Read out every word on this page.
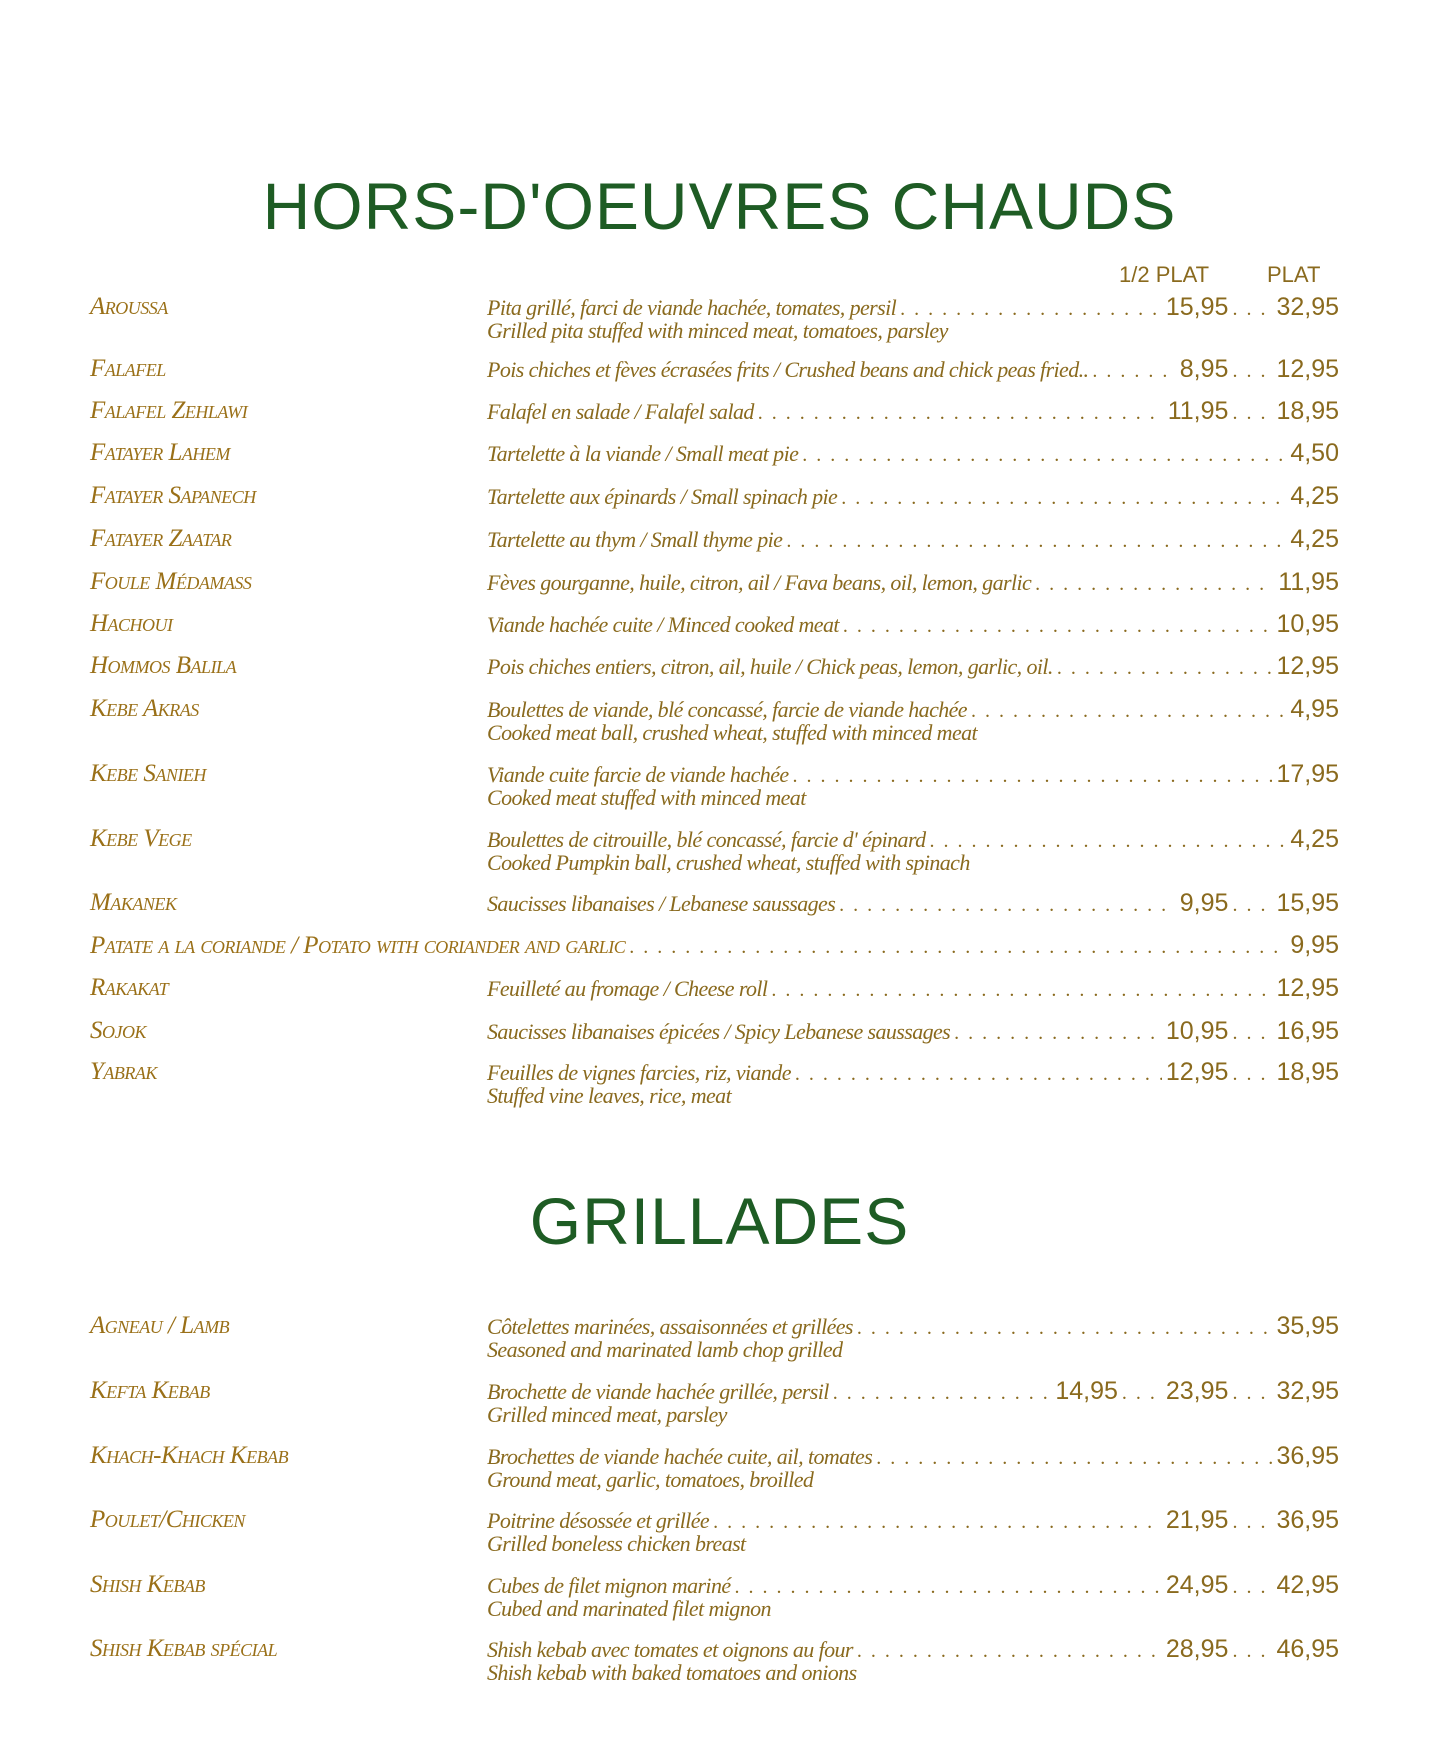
HORS-D'OEUVRES CHAUDS
1/2 PLAT	PLAT
Aroussa	Pita grillé, farci de viande hachée, tomates, persil . . .	15,95 . . . 32,95
Grilled pita stuffed with minced meat, tomatoes, parsley
Falafel	Pois chiches et fèves écrasées frits / Crushed beans and chick peas fried.. . . .	8,95 . . . 12,95
Falafel Zehlawi	Falafel en salade / Falafel salad . . .	11,95 . . . 18,95
Fatayer Lahem	Tartelette à la viande / Small meat pie . . .	4,50
Fatayer Sapanech	Tartelette aux épinards / Small spinach pie . . .	4,25
Fatayer Zaatar	Tartelette au thym / Small thyme pie . . .	4,25
Foule Médamass	Fèves gourganne, huile, citron, ail / Fava beans, oil, lemon, garlic . . .	11,95
Hachoui	Viande hachée cuite / Minced cooked meat . . .	10,95
Hommos Balila	Pois chiches entiers, citron, ail, huile / Chick peas, lemon, garlic, oil. . . .	12,95
Kebe Akras	Boulettes de viande, blé concassé, farcie de viande hachée . . .	4,95
Cooked meat ball, crushed wheat, stuffed with minced meat
Kebe Sanieh	Viande cuite farcie de viande hachée . . .	17,95
Cooked meat stuffed with minced meat
Kebe Vege	Boulettes de citrouille, blé concassé, farcie d' épinard . . .	4,25
Cooked Pumpkin ball, crushed wheat, stuffed with spinach
Makanek	Saucisses libanaises / Lebanese saussages . . .	9,95 . . . 15,95
Patate a la coriande / Potato with coriander and garlic . . .	9,95
Rakakat	Feuilleté au fromage / Cheese roll . . .	12,95
Sojok	Saucisses libanaises épicées / Spicy Lebanese saussages . . .	10,95 . . . 16,95
Yabrak	Feuilles de vignes farcies, riz, viande . . .	12,95 . . . 18,95
Stuffed vine leaves, rice, meat
GRILLADES
Agneau / Lamb	Côtelettes marinées, assaisonnées et grillées . . .	35,95
Seasoned and marinated lamb chop grilled
Kefta Kebab	Brochette de viande hachée grillée, persil . . .	14,95 . . . 23,95 . . . 32,95
Grilled minced meat, parsley
Khach-Khach Kebab	Brochettes de viande hachée cuite, ail, tomates . . .	36,95
Ground meat, garlic, tomatoes, broilled
Poulet/Chicken	Poitrine désossée et grillée . . .	21,95 . . . 36,95
Grilled boneless chicken breast
Shish Kebab	Cubes de filet mignon mariné . . .	24,95 . . . 42,95
Cubed and marinated filet mignon
Shish Kebab spécial	Shish kebab avec tomates et oignons au four . . .	28,95 . . . 46,95
Shish kebab with baked tomatoes and onions
